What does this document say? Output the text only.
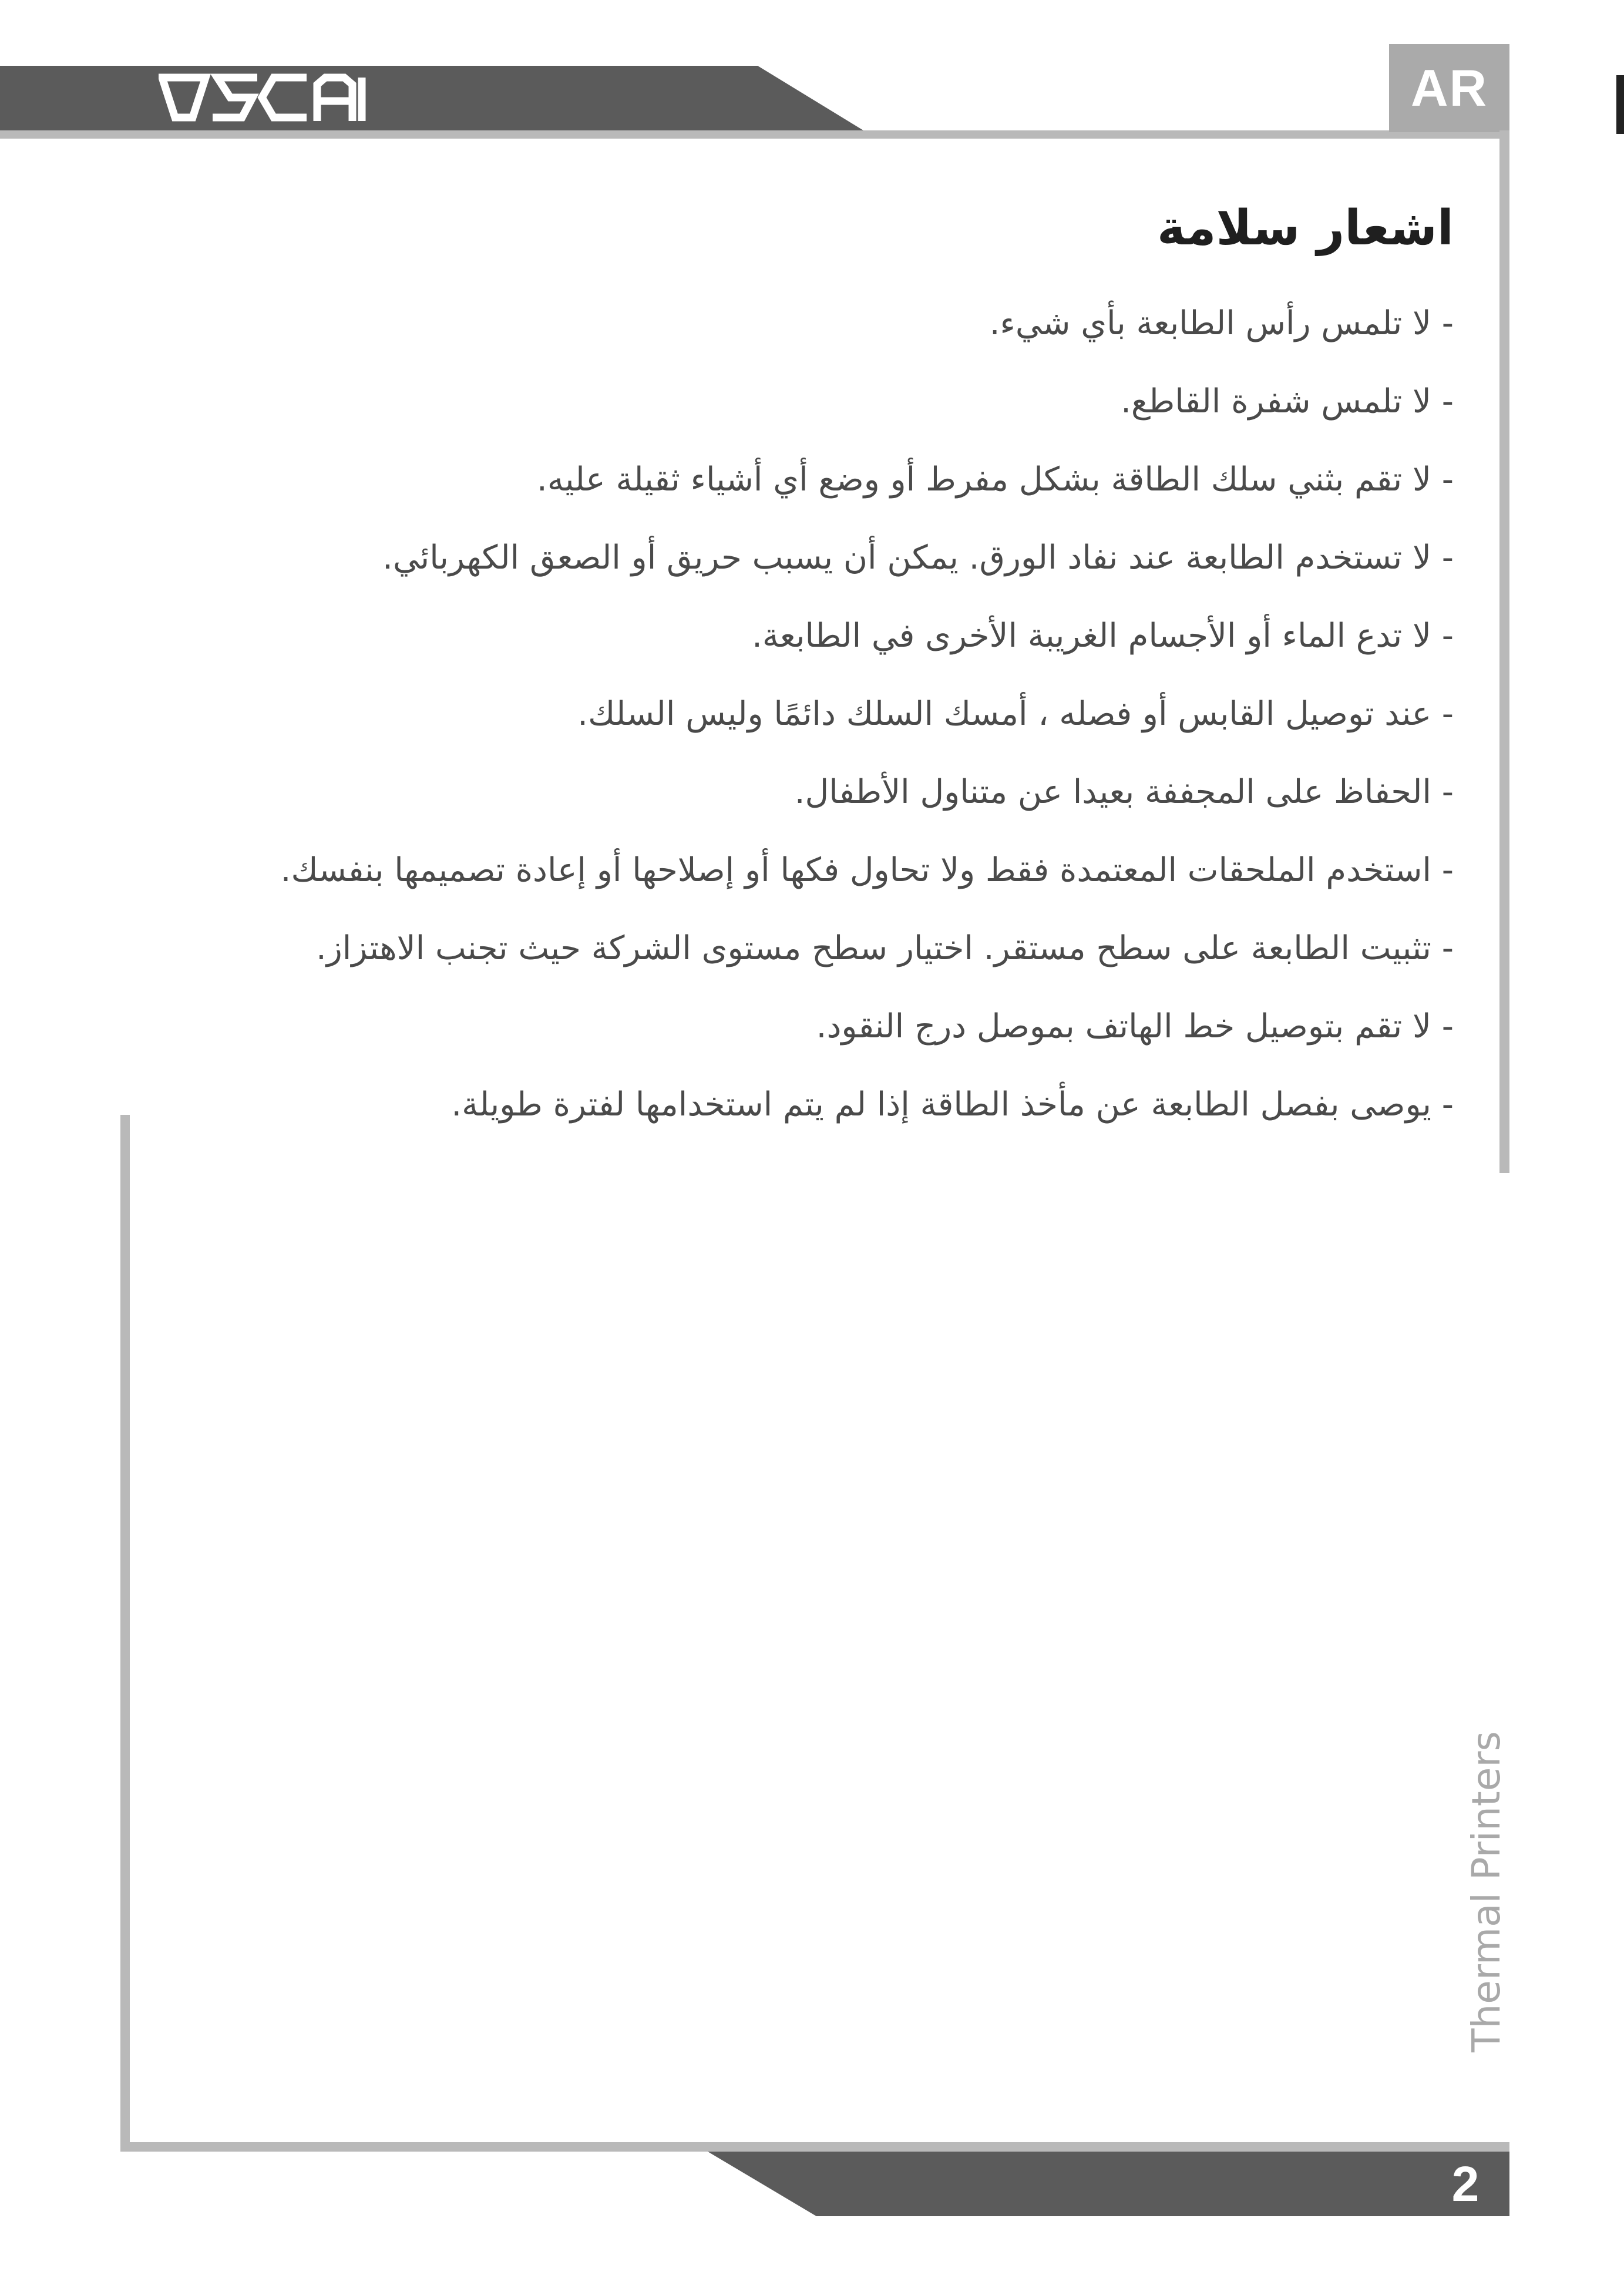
AR
اشعار سلامة
- لا تلمس رأس الطابعة بأي شيء.
- لا تلمس شفرة القاطع.
- لا تقم بثني سلك الطاقة بشكل مفرط أو وضع أي أشياء ثقيلة عليه.
- لا تستخدم الطابعة عند نفاد الورق. يمكن أن يسبب حريق أو الصعق الكهربائي.
- لا تدع الماء أو الأجسام الغريبة الأخرى في الطابعة.
- عند توصيل القابس أو فصله ، أمسك السلك دائمًا وليس السلك.
- الحفاظ على المجففة بعيدا عن متناول الأطفال.
- استخدم الملحقات المعتمدة فقط ولا تحاول فكها أو إصلاحها أو إعادة تصميمها بنفسك.
- تثبيت الطابعة على سطح مستقر. اختيار سطح مستوى الشركة حيث تجنب الاهتزاز.
- لا تقم بتوصيل خط الهاتف بموصل درج النقود.
- يوصى بفصل الطابعة عن مأخذ الطاقة إذا لم يتم استخدامها لفترة طويلة.
Thermal Printers
2
